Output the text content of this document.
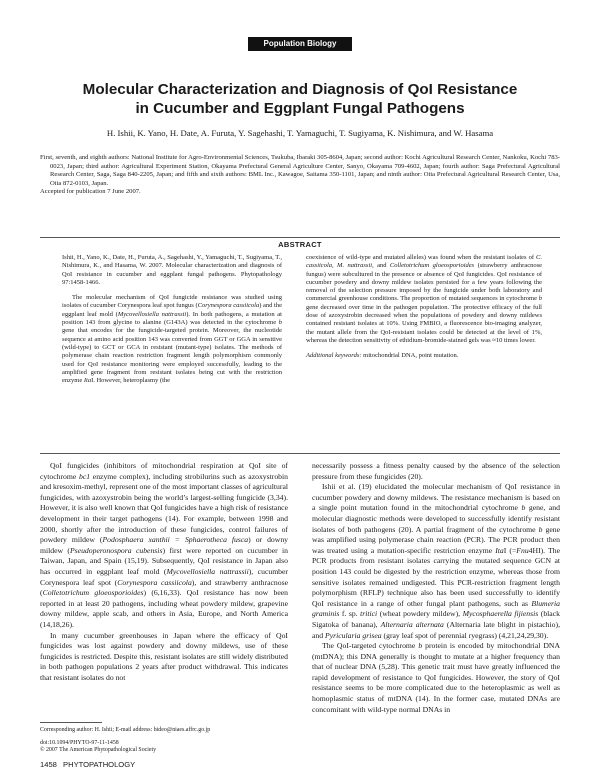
Population Biology
Molecular Characterization and Diagnosis of QoI Resistance
in Cucumber and Eggplant Fungal Pathogens

H. Ishii, K. Yano, H. Date, A. Furuta, Y. Sagehashi, T. Yamaguchi, T. Sugiyama, K. Nishimura, and W. Hasama

First, seventh, and eighth authors: National Institute for Agro-Environmental Sciences, Tsukuba, Ibaraki 305-8604, Japan; second author: Kochi Agricultural Research Center, Nankoku, Kochi 783-0023, Japan; third author: Agricultural Experiment Station, Okayama Prefectural General Agriculture Center, Sanyo, Okayama 709-4602, Japan; fourth author: Saga Prefectural Agricultural Research Center, Saga, Saga 840-2205, Japan; and fifth and sixth authors: BML Inc., Kawagoe, Saitama 350-1101, Japan; and ninth author: Oita Prefectural Agricultural Research Center, Usa, Oita 872-0103, Japan.
Accepted for publication 7 June 2007.

ABSTRACT

Ishii, H., Yano, K., Date, H., Furuta, A., Sagehashi, Y., Yamaguchi, T., Sugiyama, T., Nishimura, K., and Hasama, W. 2007. Molecular characterization and diagnosis of QoI resistance in cucumber and eggplant fungal pathogens. Phytopathology 97:1458-1466.

The molecular mechanism of QoI fungicide resistance was studied using isolates of cucumber Corynespora leaf spot fungus (Corynespora cassiicola) and the eggplant leaf mold (Mycovellosiella nattrassii). In both pathogens, a mutation at position 143 from glycine to alanine (G143A) was detected in the cytochrome b gene that encodes for the fungicide-targeted protein. Moreover, the nucleotide sequence at amino acid position 143 was converted from GGT or GGA in sensitive (wild-type) to GCT or GCA in resistant (mutant-type) isolates. The methods of polymerase chain reaction restriction fragment length polymorphism commonly used for QoI resistance monitoring were employed successfully, leading to the amplified gene fragment from resistant isolates being cut with the restriction enzyme ItaI. However, heteroplasmy (the

coexistence of wild-type and mutated alleles) was found when the resistant isolates of C. cassiicola, M. nattrassii, and Colletotrichum gloeosporioides (strawberry anthracnose fungus) were subcultured in the presence or absence of QoI fungicides. QoI resistance of cucumber powdery and downy mildew isolates persisted for a few years following the removal of the selection pressure imposed by the fungicide under both laboratory and commercial greenhouse conditions. The proportion of mutated sequences in cytochrome b gene decreased over time in the pathogen population. The protective efficacy of the full dose of azoxystrobin decreased when the populations of powdery and downy mildews contained resistant isolates at 10%. Using FMBIO, a fluorescence bio-imaging analyzer, the mutant allele from the QoI-resistant isolates could be detected at the level of 1%, whereas the detection sensitivity of ethidium-bromide-stained gels was ≈10 times lower.

Additional keywords: mitochondrial DNA, point mutation.

QoI fungicides (inhibitors of mitochondrial respiration at QoI site of cytochrome bc1 enzyme complex), including strobilurins such as azoxystrobin and kresoxim-methyl, represent one of the most important classes of agricultural fungicides, with azoxystrobin being the world’s largest-selling fungicide (3,34). However, it is also well known that QoI fungicides have a high risk of resistance development in their target pathogens (14). For example, between 1998 and 2000, shortly after the introduction of these fungicides, control failures of powdery mildew (Podosphaera xanthii = Sphaerotheca fusca) or downy mildew (Pseudoperonospora cubensis) first were reported on cucumber in Taiwan, Japan, and Spain (15,19). Subsequently, QoI resistance in Japan also has occurred in eggplant leaf mold (Mycovellosiella nattrassii), cucumber Corynespora leaf spot (Corynespora cassiicola), and strawberry anthracnose (Colletotrichum gloeosporioides) (6,16,33). QoI resistance has now been reported in at least 20 pathogens, including wheat powdery mildew, grapevine downy mildew, apple scab, and others in Asia, Europe, and North America (14,18,26).

In many cucumber greenhouses in Japan where the efficacy of QoI fungicides was lost against powdery and downy mildews, use of these fungicides is restricted. Despite this, resistant isolates are still widely distributed in both pathogen populations 2 years after product withdrawal. This indicates that resistant isolates do not

necessarily possess a fitness penalty caused by the absence of the selection pressure from these fungicides (20).

Ishii et al. (19) elucidated the molecular mechanism of QoI resistance in cucumber powdery and downy mildews. The resistance mechanism is based on a single point mutation found in the mitochondrial cytochrome b gene, and molecular diagnostic methods were developed to successfully identify resistant isolates of both pathogens (20). A partial fragment of the cytochrome b gene was amplified using polymerase chain reaction (PCR). The PCR product then was treated using a mutation-specific restriction enzyme ItaI (=Fnu4HI). The PCR products from resistant isolates carrying the mutated sequence GCN at position 143 could be digested by the restriction enzyme, whereas those from sensitive isolates remained undigested. This PCR-restriction fragment length polymorphism (RFLP) technique also has been used successfully to identify QoI resistance in a range of other fungal plant pathogens, such as Blumeria graminis f. sp. tritici (wheat powdery mildew), Mycosphaerella fijiensis (black Sigatoka of banana), Alternaria alternata (Alternaria late blight in pistachio), and Pyricularia grisea (gray leaf spot of perennial ryegrass) (4,21,24,29,30).

The QoI-targeted cytochrome b protein is encoded by mitochondrial DNA (mtDNA); this DNA generally is thought to mutate at a higher frequency than that of nuclear DNA (5,28). This genetic trait must have greatly influenced the rapid development of resistance to QoI fungicides. However, the story of QoI resistance seems to be more complicated due to the heteroplasmic as well as homoplasmic status of mtDNA (14). In the former case, mutated DNAs are concomitant with wild-type normal DNAs in

Corresponding author: H. Ishii; E-mail address: hideo@niaes.affrc.go.jp

doi:10.1094/PHYTO-97-11-1458

© 2007 The American Phytopathological Society

1458 PHYTOPATHOLOGY
